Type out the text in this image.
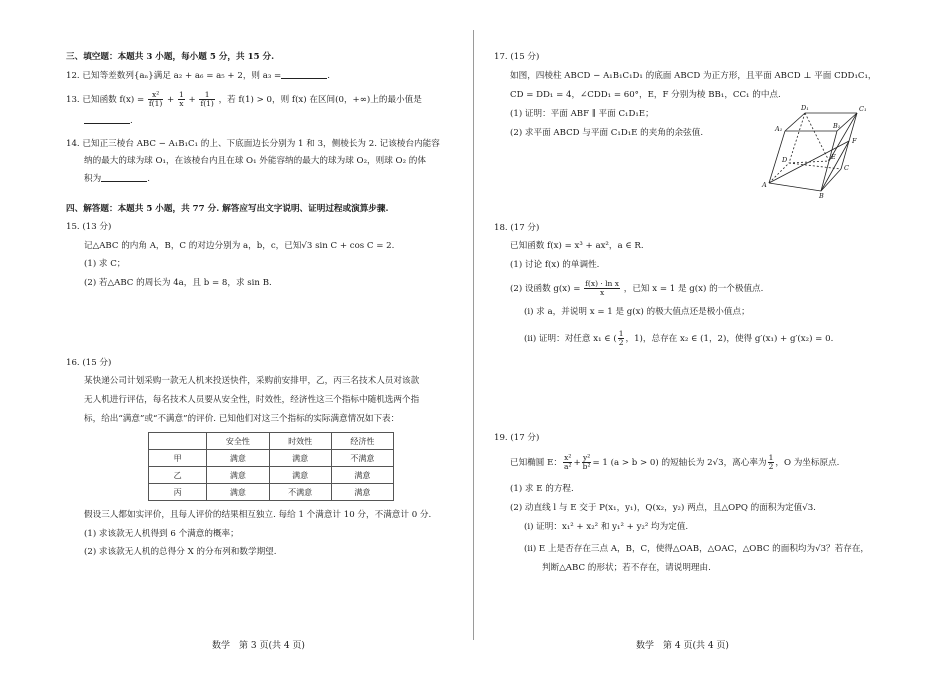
三、填空题：本题共 3 小题，每小题 5 分，共 15 分.
12. 已知等差数列{aₙ}满足 a₂ + a₆ = a₅ + 2，则 a₃ =	.
13. 已知函数 $f(x) = \frac{\text{x²}}{f(1)} + \frac{1}{x} + \frac{1}{f(1)}$ ，若 f(1) > 0，则 f(x) 在区间(0，+∞)上的最小值是
.
14. 已知正三棱台 ABC − A₁B₁C₁ 的上、下底面边长分别为 1 和 3，侧棱长为 2. 记该棱台内能容
纳的最大的球为球 O₁，在该棱台内且在球 O₁ 外能容纳的最大的球为球 O₂，则球 O₂ 的体
积为	.
四、解答题：本题共 5 小题，共 77 分. 解答应写出文字说明、证明过程或演算步骤.
15. (13 分)
记△ABC 的内角 A，B，C 的对边分别为 a，b，c，已知√3 sin C + cos C = 2.
(1) 求 C；
(2) 若△ABC 的周长为 4a，且 b = 8，求 sin B.
16. (15 分)
某快递公司计划采购一款无人机来投送快件，采购前安排甲，乙，丙三名技术人员对该款
无人机进行评估，每名技术人员要从安全性，时效性，经济性这三个指标中随机选两个指
标，给出“满意”或“不满意”的评价. 已知他们对这三个指标的实际满意情况如下表：
	安全性	时效性	经济性
甲	满意	满意	不满意
乙	满意	满意	满意
丙	满意	不满意	满意
假设三人都如实评价，且每人评价的结果相互独立. 每给 1 个满意计 10 分，不满意计 0 分.
(1) 求该款无人机得到 6 个满意的概率；
(2) 求该款无人机的总得分 X 的分布列和数学期望.
数学　第 3 页(共 4 页)
17. (15 分)
如图，四棱柱 ABCD − A₁B₁C₁D₁ 的底面 ABCD 为正方形，且平面 ABCD ⊥ 平面 CDD₁C₁，
CD = DD₁ = 4，∠CDD₁ = 60°，E，F 分别为棱 BB₁，CC₁ 的中点.
(1) 证明：平面 ABF ∥ 平面 C₁D₁E；
(2) 求平面 ABCD 与平面 C₁D₁E 的夹角的余弦值.
D₁	C₁
A₁	B₁
F
D	E
C
A
B
18. (17 分)
已知函数 f(x) = x³ + ax²，a ∈ R.
(1) 讨论 f(x) 的单调性.
(2) 设函数 $g(x) = \frac{\text{f(x) · ln x}}{x}$ ，已知 x = 1 是 g(x) 的一个极值点.
(ⅰ) 求 a，并说明 x = 1 是 g(x) 的极大值点还是极小值点；
(ⅱ) 证明：对任意 x₁ ∈ ( $\frac{1}{2}$ ，1)，总存在 x₂ ∈ (1，2)，使得 g′(x₁) + g′(x₂) = 0.
19. (17 分)
已知椭圆 E： $\frac{\text{x²}}{\text{a²}} + \frac{\text{y²}}{\text{b²}} = 1$ (a > b > 0) 的短轴长为 2√3，离心率为 $\frac{1}{2}$ ，O 为坐标原点.
(1) 求 E 的方程.
(2) 动直线 l 与 E 交于 P(x₁，y₁)，Q(x₂，y₂) 两点，且△OPQ 的面积为定值√3.
(ⅰ) 证明：x₁² + x₂² 和 y₁² + y₂² 均为定值.
(ⅱ) E 上是否存在三点 A，B，C，使得△OAB，△OAC，△OBC 的面积均为√3？若存在，
判断△ABC 的形状；若不存在，请说明理由.
数学　第 4 页(共 4 页)
